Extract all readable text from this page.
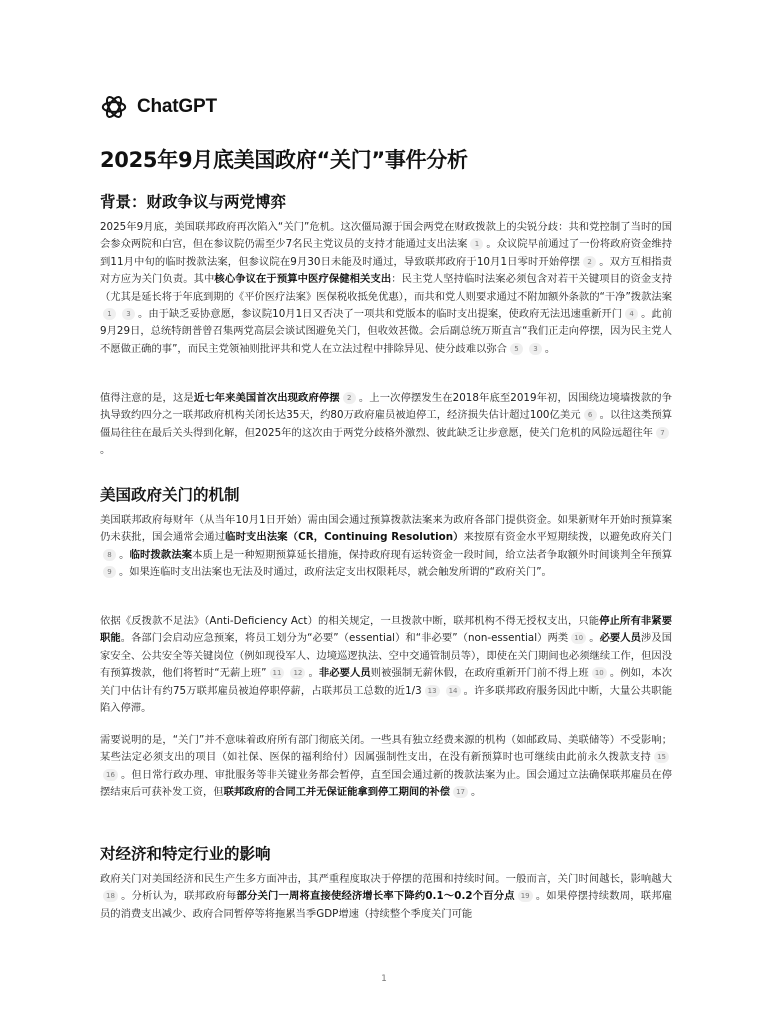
ChatGPT
2025年9月底美国政府“关门”事件分析
背景：财政争议与两党博弈

2025年9月底，美国联邦政府再次陷入“关门”危机。这次僵局源于国会两党在财政拨款上的尖锐分歧：共和党控制了当时的国会参众两院和白宫，但在参议院仍需至少7名民主党议员的支持才能通过支出法案 1 。众议院早前通过了一份将政府资金维持到11月中旬的临时拨款法案，但参议院在9月30日未能及时通过，导致联邦政府于10月1日零时开始停摆 2 。双方互相指责对方应为关门负责。其中核心争议在于预算中医疗保健相关支出：民主党人坚持临时法案必须包含对若干关键项目的资金支持（尤其是延长将于年底到期的《平价医疗法案》医保税收抵免优惠），而共和党人则要求通过不附加额外条款的“干净”拨款法案1 3 。由于缺乏妥协意愿，参议院10月1日又否决了一项共和党版本的临时支出提案，使政府无法迅速重新开门 4 。此前9月29日，总统特朗普曾召集两党高层会谈试图避免关门，但收效甚微。会后副总统万斯直言“我们正走向停摆，因为民主党人不愿做正确的事”，而民主党领袖则批评共和党人在立法过程中排除异见、使分歧难以弥合 5 3 。

值得注意的是，这是近七年来美国首次出现政府停摆 2 。上一次停摆发生在2018年底至2019年初，因围绕边境墙拨款的争执导致约四分之一联邦政府机构关闭长达35天，约80万政府雇员被迫停工，经济损失估计超过100亿美元 6 。以往这类预算僵局往往在最后关头得到化解，但2025年的这次由于两党分歧格外激烈、彼此缺乏让步意愿，使关门危机的风险远超往年 7。

美国政府关门的机制

美国联邦政府每财年（从当年10月1日开始）需由国会通过预算拨款法案来为政府各部门提供资金。如果新财年开始时预算案仍未获批，国会通常会通过临时支出法案（CR，Continuing Resolution）来按原有资金水平短期续拨，以避免政府关门8 。临时拨款法案本质上是一种短期预算延长措施，保持政府现有运转资金一段时间，给立法者争取额外时间谈判全年预算9 。如果连临时支出法案也无法及时通过，政府法定支出权限耗尽，就会触发所谓的“政府关门”。

依据《反拨款不足法》（Anti-Deficiency Act）的相关规定，一旦拨款中断，联邦机构不得无授权支出，只能停止所有非紧要职能。各部门会启动应急预案，将员工划分为“必要”（essential）和“非必要”（non-essential）两类 10 。必要人员涉及国家安全、公共安全等关键岗位（例如现役军人、边境巡逻执法、空中交通管制员等），即使在关门期间也必须继续工作，但因没有预算拨款，他们将暂时“无薪上班” 11 12 。非必要人员则被强制无薪休假，在政府重新开门前不得上班 10 。例如，本次关门中估计有约75万联邦雇员被迫停职停薪，占联邦员工总数的近1/3 13 14 。许多联邦政府服务因此中断，大量公共职能陷入停滞。

需要说明的是，“关门”并不意味着政府所有部门彻底关闭。一些具有独立经费来源的机构（如邮政局、美联储等）不受影响；某些法定必须支出的项目（如社保、医保的福利给付）因属强制性支出，在没有新预算时也可继续由此前永久拨款支持 1516 。但日常行政办理、审批服务等非关键业务都会暂停，直至国会通过新的拨款法案为止。国会通过立法确保联邦雇员在停摆结束后可获补发工资，但联邦政府的合同工并无保证能拿到停工期间的补偿 17 。

对经济和特定行业的影响

政府关门对美国经济和民生产生多方面冲击，其严重程度取决于停摆的范围和持续时间。一般而言，关门时间越长，影响越大18 。分析认为，联邦政府每部分关门一周将直接使经济增长率下降约0.1～0.2个百分点 19 。如果停摆持续数周，联邦雇员的消费支出减少、政府合同暂停等将拖累当季GDP增速（持续整个季度关门可能

1
